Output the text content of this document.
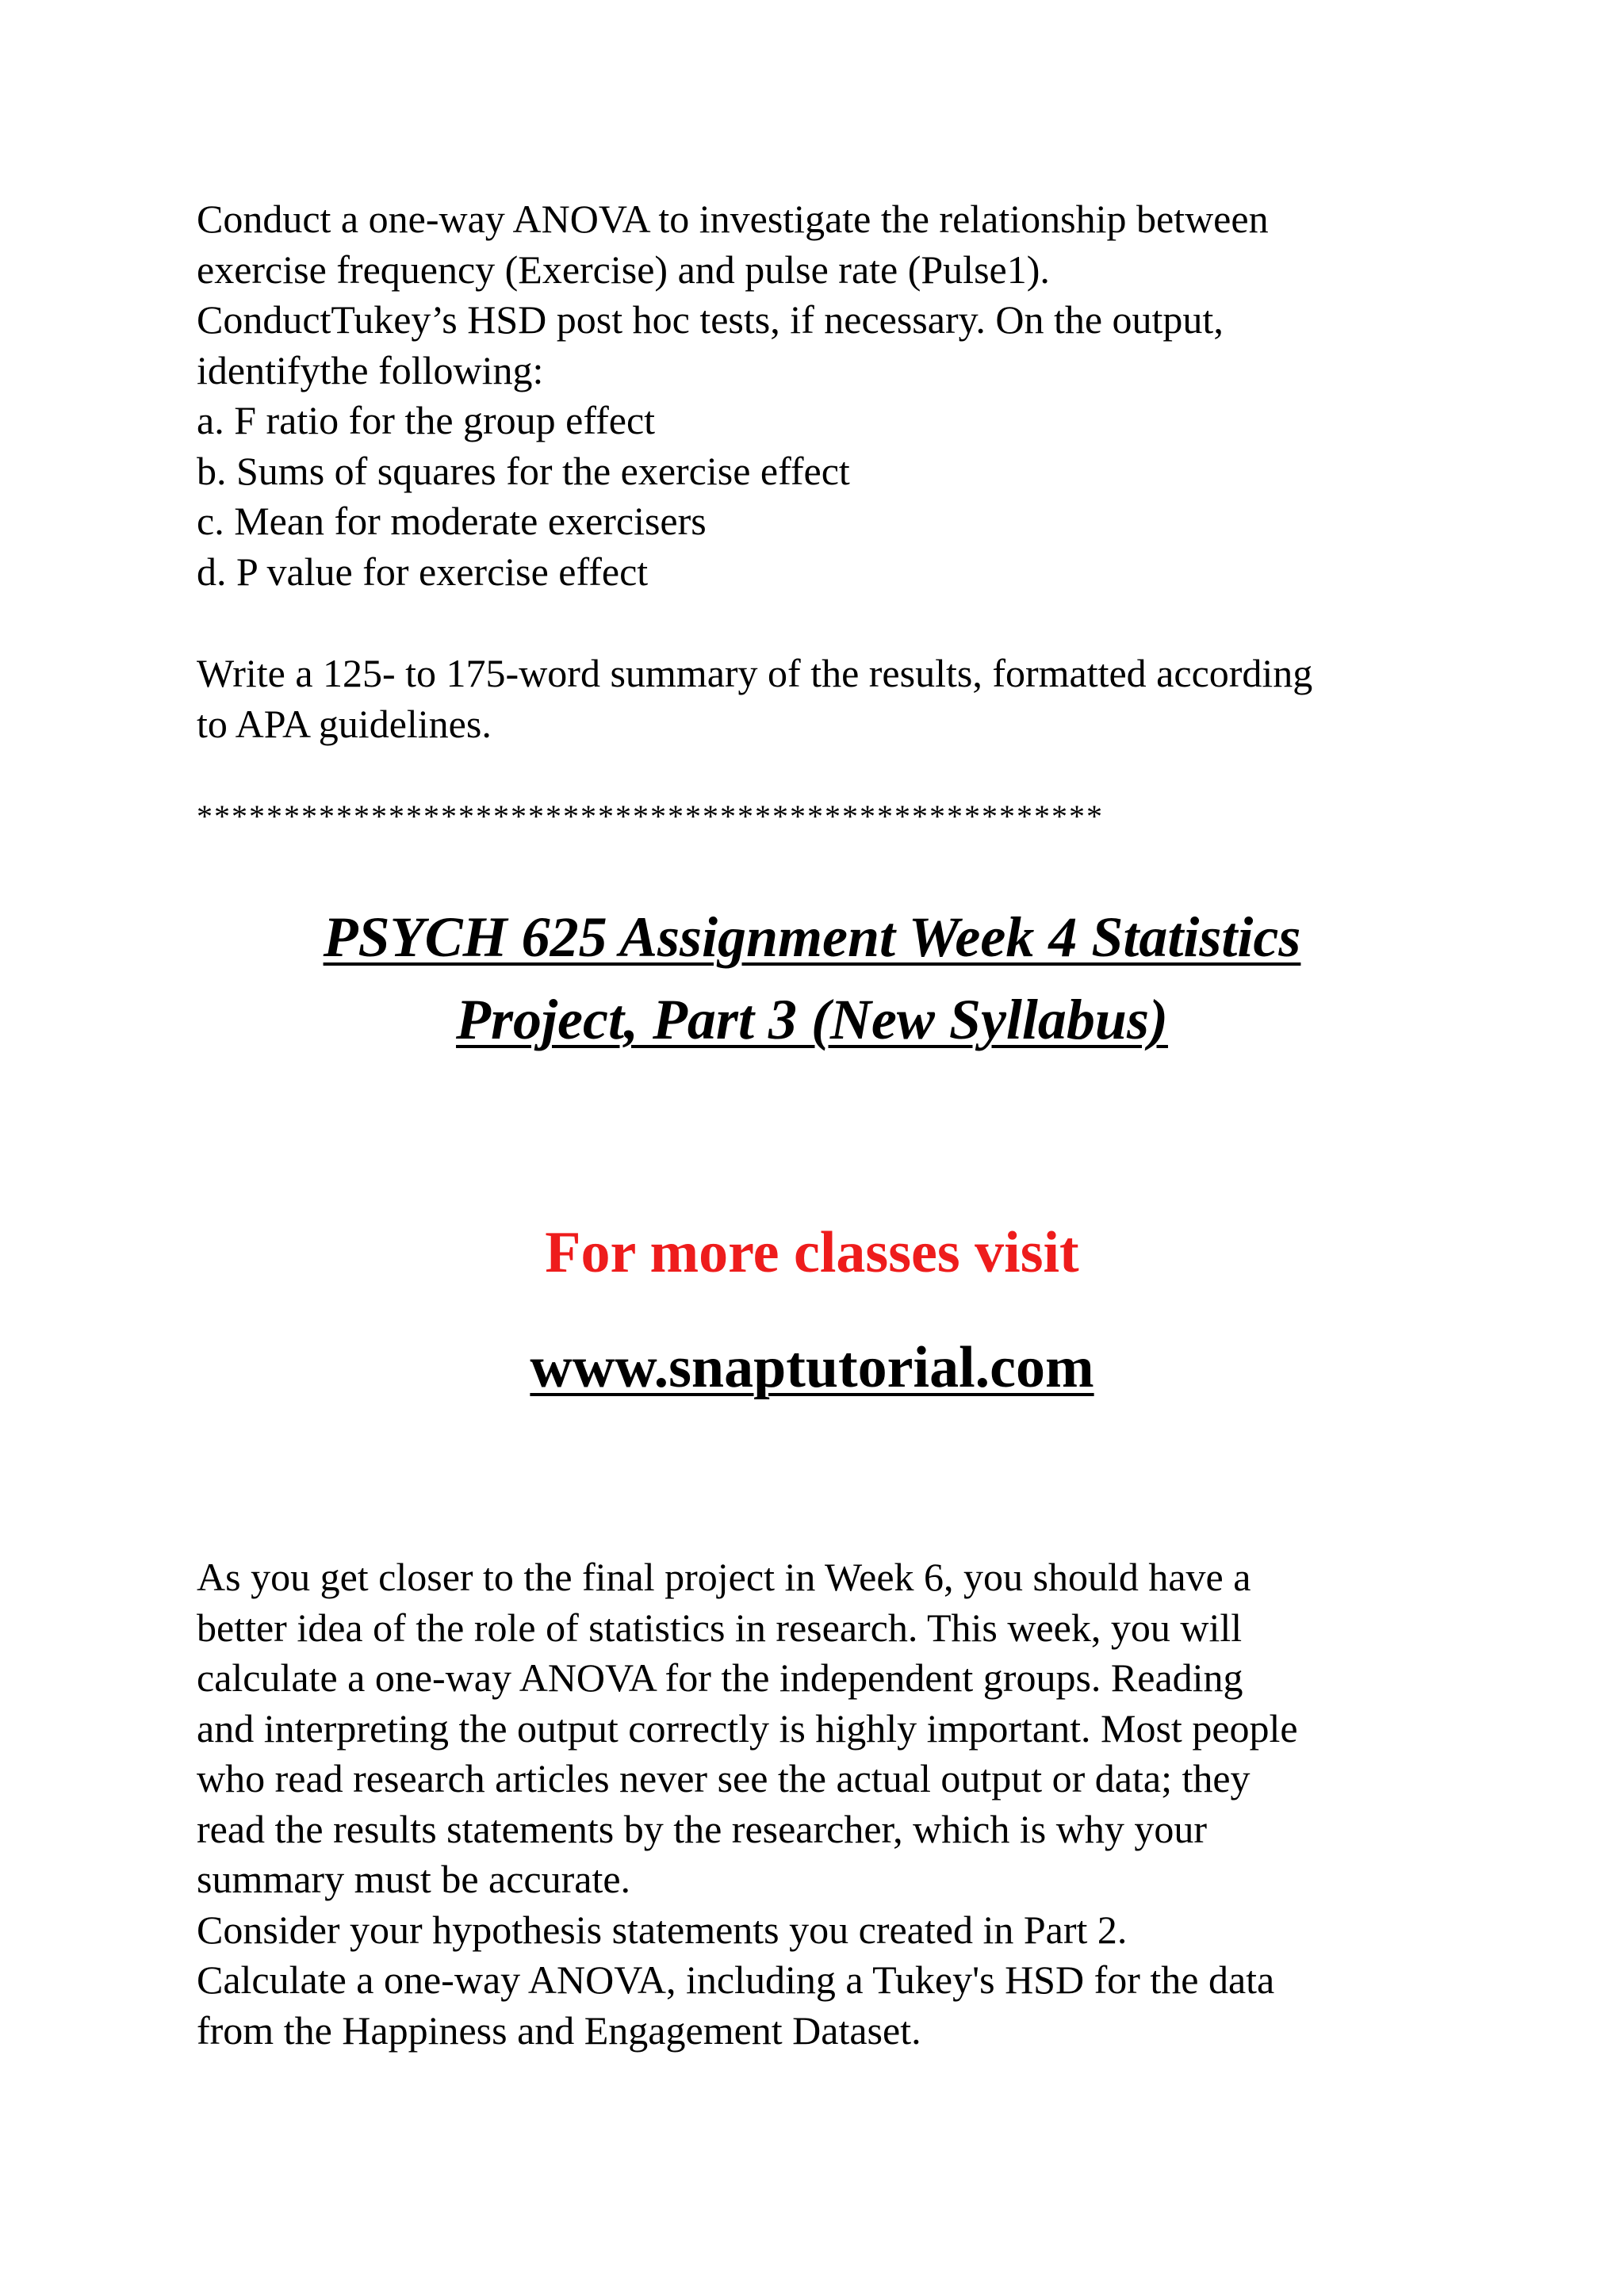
Conduct a one-way ANOVA to investigate the relationship between
exercise frequency (Exercise) and pulse rate (Pulse1).
ConductTukey’s HSD post hoc tests, if necessary. On the output,
identifythe following:
a. F ratio for the group effect
b. Sums of squares for the exercise effect
c. Mean for moderate exercisers
d. P value for exercise effect
Write a 125- to 175-word summary of the results, formatted according
to APA guidelines.
****************************************************
PSYCH 625 Assignment Week 4 Statistics
Project, Part 3 (New Syllabus)
For more classes visit
www.snaptutorial.com
As you get closer to the final project in Week 6, you should have a
better idea of the role of statistics in research. This week, you will
calculate a one-way ANOVA for the independent groups. Reading
and interpreting the output correctly is highly important. Most people
who read research articles never see the actual output or data; they
read the results statements by the researcher, which is why your
summary must be accurate.
Consider your hypothesis statements you created in Part 2.
Calculate a one-way ANOVA, including a Tukey's HSD for the data
from the Happiness and Engagement Dataset.
